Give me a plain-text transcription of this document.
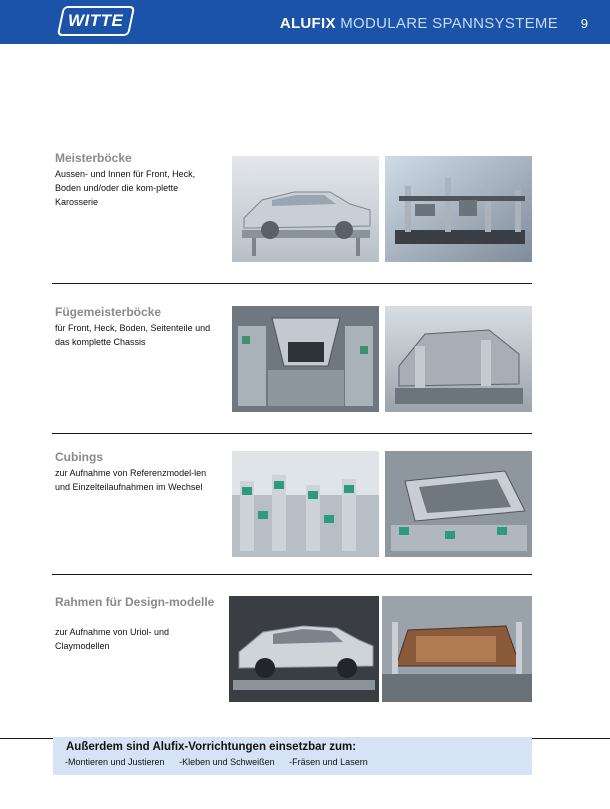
WITTE	ALUFIX MODULARE SPANNSYSTEME 9
Meisterböcke
Aussen- und Innen für Front, Heck, Boden und/oder die kom-plette Karosserie
Fügemeisterböcke
für Front, Heck, Boden, Seitenteile und das komplette Chassis
Cubings
zur Aufnahme von Referenzmodel-len und Einzelteilaufnahmen im Wechsel
Rahmen für Design-modelle
zur Aufnahme von Uriol- und Claymodellen
Außerdem sind Alufix-Vorrichtungen einsetzbar zum:
-Montieren und Justieren -Kleben und Schweißen -Fräsen und Lasern
